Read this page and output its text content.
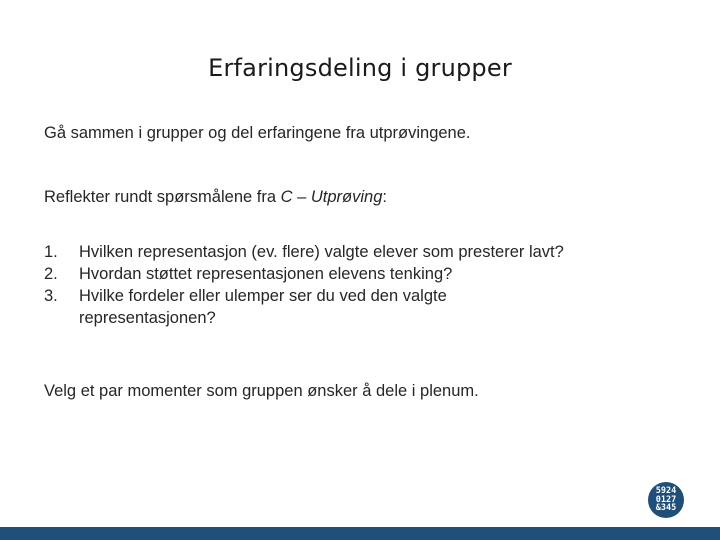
Erfaringsdeling i grupper
Gå sammen i grupper og del erfaringene fra utprøvingene.
Reflekter rundt spørsmålene fra C – Utprøving:
1.	Hvilken representasjon (ev. flere) valgte elever som presterer lavt?
2.	Hvordan støttet representasjonen elevens tenking?
3.	Hvilke fordeler eller ulemper ser du ved den valgte representasjonen?
Velg et par momenter som gruppen ønsker å dele i plenum.
5924
0127
&345
